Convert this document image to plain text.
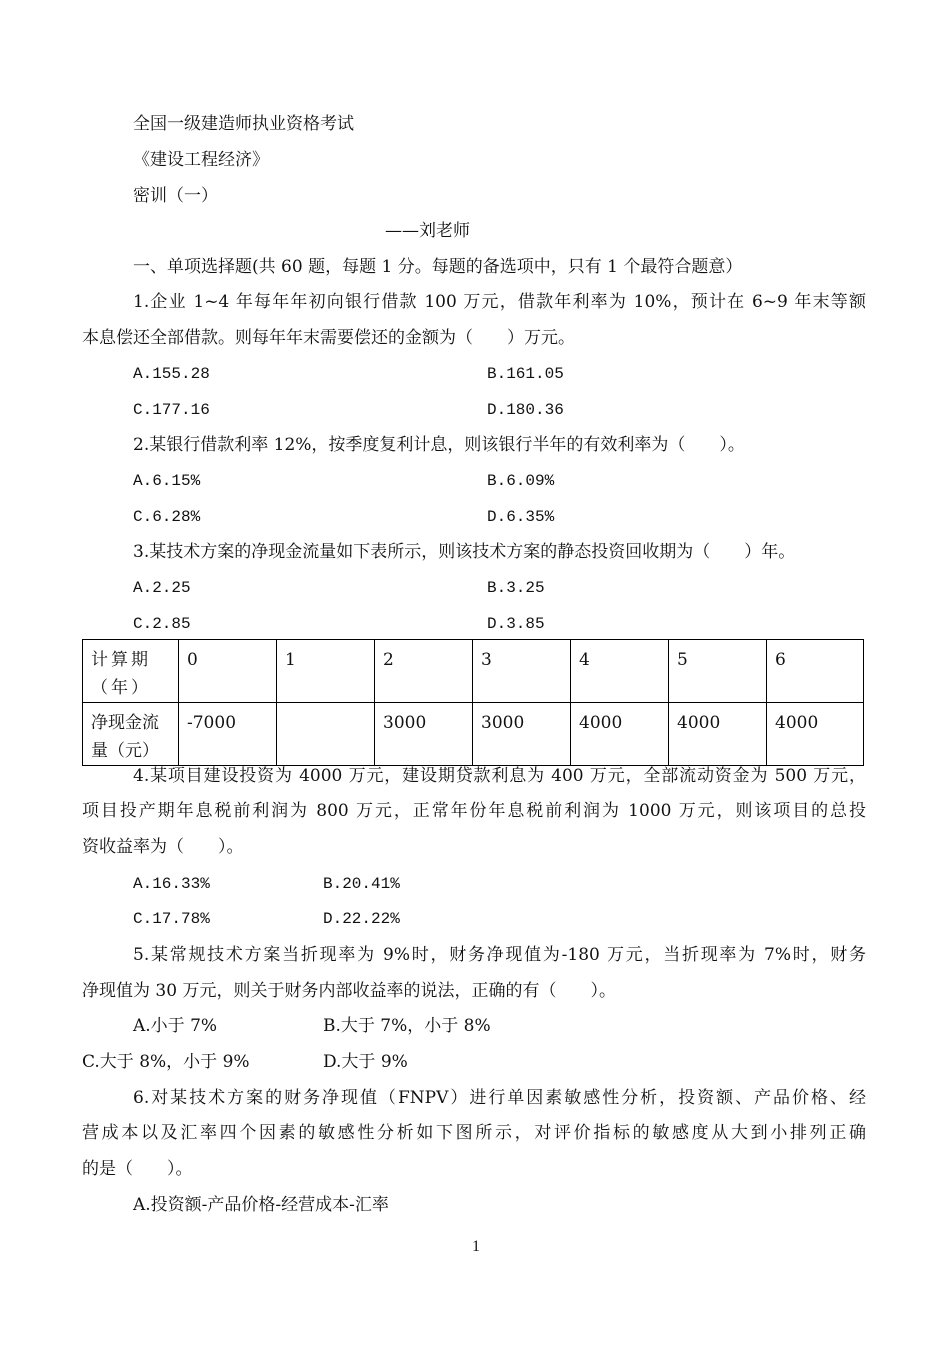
全国一级建造师执业资格考试
《建设工程经济》
密训（一）
——刘老师
一、单项选择题(共 60 题，每题 1 分。每题的备选项中，只有 1 个最符合题意）
1.企业 1~4 年每年年初向银行借款 100 万元，借款年利率为 10%，预计在 6~9 年末等额
本息偿还全部借款。则每年年末需要偿还的金额为（　　）万元。
A.155.28	B.161.05
C.177.16	D.180.36
2.某银行借款利率 12%，按季度复利计息，则该银行半年的有效利率为（　　）。
A.6.15%	B.6.09%
C.6.28%	D.6.35%
3.某技术方案的净现金流量如下表所示，则该技术方案的静态投资回收期为（　　）年。
A.2.25	B.3.25
C.2.85	D.3.85
计算期（年）	0	1	2	3	4	5	6
净现金流量（元）	-7000		3000	3000	4000	4000	4000
4.某项目建设投资为 4000 万元，建设期贷款利息为 400 万元，全部流动资金为 500 万元，
项目投产期年息税前利润为 800 万元，正常年份年息税前利润为 1000 万元，则该项目的总投
资收益率为（　　）。
A.16.33%	B.20.41%
C.17.78%	D.22.22%
5.某常规技术方案当折现率为 9%时，财务净现值为-180 万元，当折现率为 7%时，财务
净现值为 30 万元，则关于财务内部收益率的说法，正确的有（　　）。
A.小于 7%	B.大于 7%，小于 8%
C.大于 8%，小于 9%	D.大于 9%
6.对某技术方案的财务净现值（FNPV）进行单因素敏感性分析，投资额、产品价格、经
营成本以及汇率四个因素的敏感性分析如下图所示，对评价指标的敏感度从大到小排列正确
的是（　　）。
A.投资额-产品价格-经营成本-汇率
1
